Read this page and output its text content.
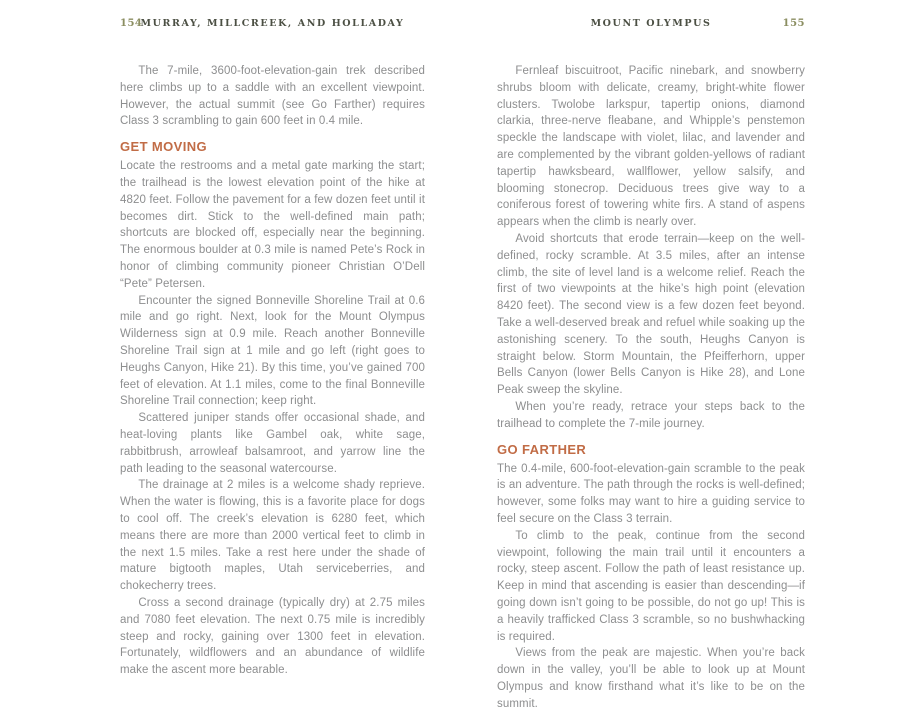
154
MURRAY, MILLCREEK, AND HOLLADAY

The 7-mile, 3600-foot-elevation-gain trek described here climbs up to a saddle with an excellent viewpoint. However, the actual summit (see Go Farther) requires Class 3 scrambling to gain 600 feet in 0.4 mile.

GET MOVING

Locate the restrooms and a metal gate marking the start; the trailhead is the lowest elevation point of the hike at 4820 feet. Follow the pavement for a few dozen feet until it becomes dirt. Stick to the well-defined main path; shortcuts are blocked off, especially near the beginning. The enormous boulder at 0.3 mile is named Pete’s Rock in honor of climbing community pioneer Christian O’Dell “Pete” Petersen.

Encounter the signed Bonneville Shoreline Trail at 0.6 mile and go right. Next, look for the Mount Olympus Wilderness sign at 0.9 mile. Reach another Bonneville Shoreline Trail sign at 1 mile and go left (right goes to Heughs Canyon, Hike 21). By this time, you’ve gained 700 feet of elevation. At 1.1 miles, come to the final Bonneville Shoreline Trail connection; keep right.

Scattered juniper stands offer occasional shade, and heat-loving plants like Gambel oak, white sage, rabbitbrush, arrowleaf balsamroot, and yarrow line the path leading to the seasonal watercourse.

The drainage at 2 miles is a welcome shady reprieve. When the water is flowing, this is a favorite place for dogs to cool off. The creek’s elevation is 6280 feet, which means there are more than 2000 vertical feet to climb in the next 1.5 miles. Take a rest here under the shade of mature bigtooth maples, Utah serviceberries, and chokecherry trees.

Cross a second drainage (typically dry) at 2.75 miles and 7080 feet elevation. The next 0.75 mile is incredibly steep and rocky, gaining over 1300 feet in elevation. Fortunately, wildflowers and an abundance of wildlife make the ascent more bearable.

MOUNT OLYMPUS	155

Fernleaf biscuitroot, Pacific ninebark, and snowberry shrubs bloom with delicate, creamy, bright-white flower clusters. Twolobe larkspur, tapertip onions, diamond clarkia, three-nerve fleabane, and Whipple’s penstemon speckle the landscape with violet, lilac, and lavender and are complemented by the vibrant golden-yellows of radiant tapertip hawksbeard, wallflower, yellow salsify, and blooming stonecrop. Deciduous trees give way to a coniferous forest of towering white firs. A stand of aspens appears when the climb is nearly over.

Avoid shortcuts that erode terrain—keep on the well-defined, rocky scramble. At 3.5 miles, after an intense climb, the site of level land is a welcome relief. Reach the first of two viewpoints at the hike’s high point (elevation 8420 feet). The second view is a few dozen feet beyond. Take a well-deserved break and refuel while soaking up the astonishing scenery. To the south, Heughs Canyon is straight below. Storm Mountain, the Pfeifferhorn, upper Bells Canyon (lower Bells Canyon is Hike 28), and Lone Peak sweep the skyline.

When you’re ready, retrace your steps back to the trailhead to complete the 7-mile journey.

GO FARTHER

The 0.4-mile, 600-foot-elevation-gain scramble to the peak is an adventure. The path through the rocks is well-defined; however, some folks may want to hire a guiding service to feel secure on the Class 3 terrain.

To climb to the peak, continue from the second viewpoint, following the main trail until it encounters a rocky, steep ascent. Follow the path of least resistance up. Keep in mind that ascending is easier than descending—if going down isn’t going to be possible, do not go up! This is a heavily trafficked Class 3 scramble, so no bushwhacking is required.

Views from the peak are majestic. When you’re back down in the valley, you’ll be able to look up at Mount Olympus and know firsthand what it’s like to be on the summit.
